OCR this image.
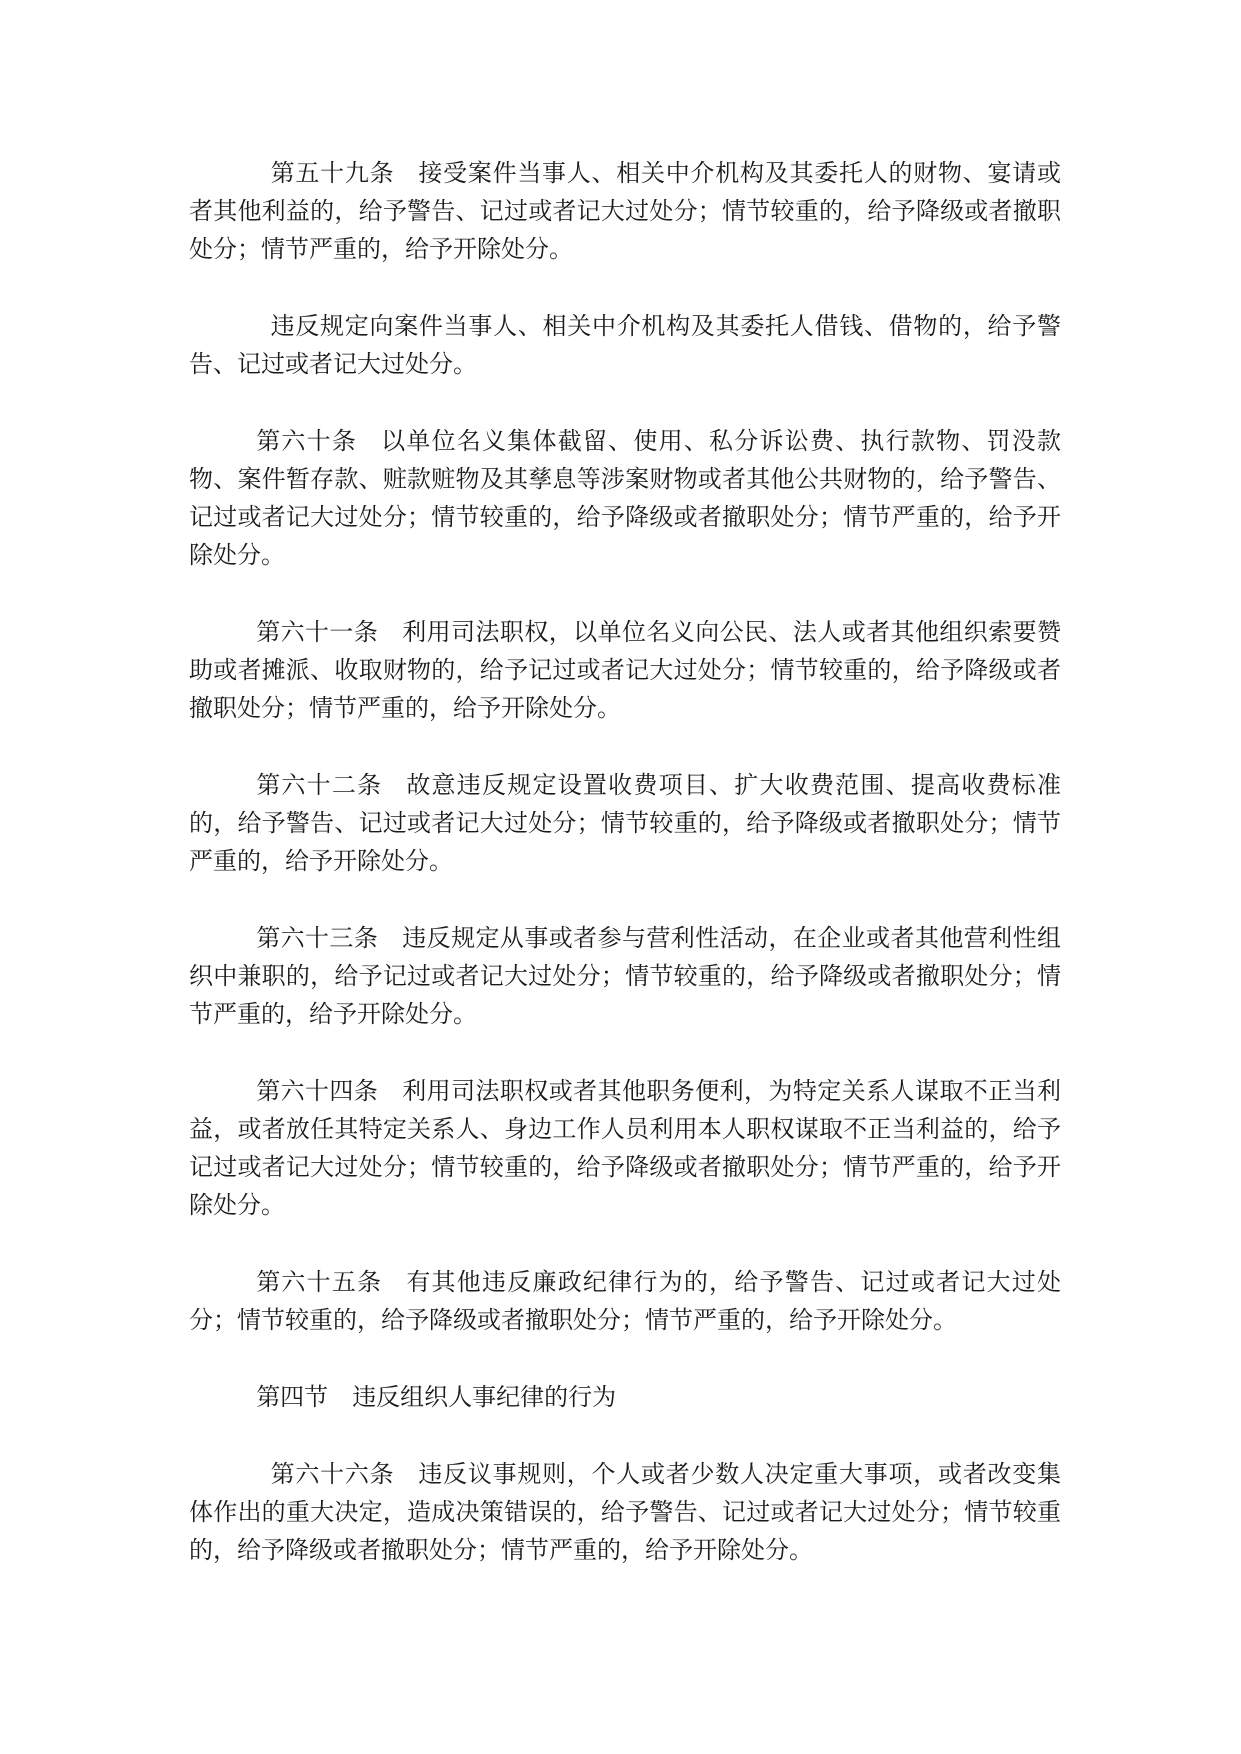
第五十九条 接受案件当事人、相关中介机构及其委托人的财物、宴请或者其他利益的，给予警告、记过或者记大过处分；情节较重的，给予降级或者撤职处分；情节严重的，给予开除处分。

违反规定向案件当事人、相关中介机构及其委托人借钱、借物的，给予警告、记过或者记大过处分。

第六十条 以单位名义集体截留、使用、私分诉讼费、执行款物、罚没款物、案件暂存款、赃款赃物及其孳息等涉案财物或者其他公共财物的，给予警告、记过或者记大过处分；情节较重的，给予降级或者撤职处分；情节严重的，给予开除处分。

第六十一条 利用司法职权，以单位名义向公民、法人或者其他组织索要赞助或者摊派、收取财物的，给予记过或者记大过处分；情节较重的，给予降级或者撤职处分；情节严重的，给予开除处分。

第六十二条 故意违反规定设置收费项目、扩大收费范围、提高收费标准的，给予警告、记过或者记大过处分；情节较重的，给予降级或者撤职处分；情节严重的，给予开除处分。

第六十三条 违反规定从事或者参与营利性活动，在企业或者其他营利性组织中兼职的，给予记过或者记大过处分；情节较重的，给予降级或者撤职处分；情节严重的，给予开除处分。

第六十四条 利用司法职权或者其他职务便利，为特定关系人谋取不正当利益，或者放任其特定关系人、身边工作人员利用本人职权谋取不正当利益的，给予记过或者记大过处分；情节较重的，给予降级或者撤职处分；情节严重的，给予开除处分。

第六十五条 有其他违反廉政纪律行为的，给予警告、记过或者记大过处分；情节较重的，给予降级或者撤职处分；情节严重的，给予开除处分。

第四节 违反组织人事纪律的行为

第六十六条 违反议事规则，个人或者少数人决定重大事项，或者改变集体作出的重大决定，造成决策错误的，给予警告、记过或者记大过处分；情节较重的，给予降级或者撤职处分；情节严重的，给予开除处分。
